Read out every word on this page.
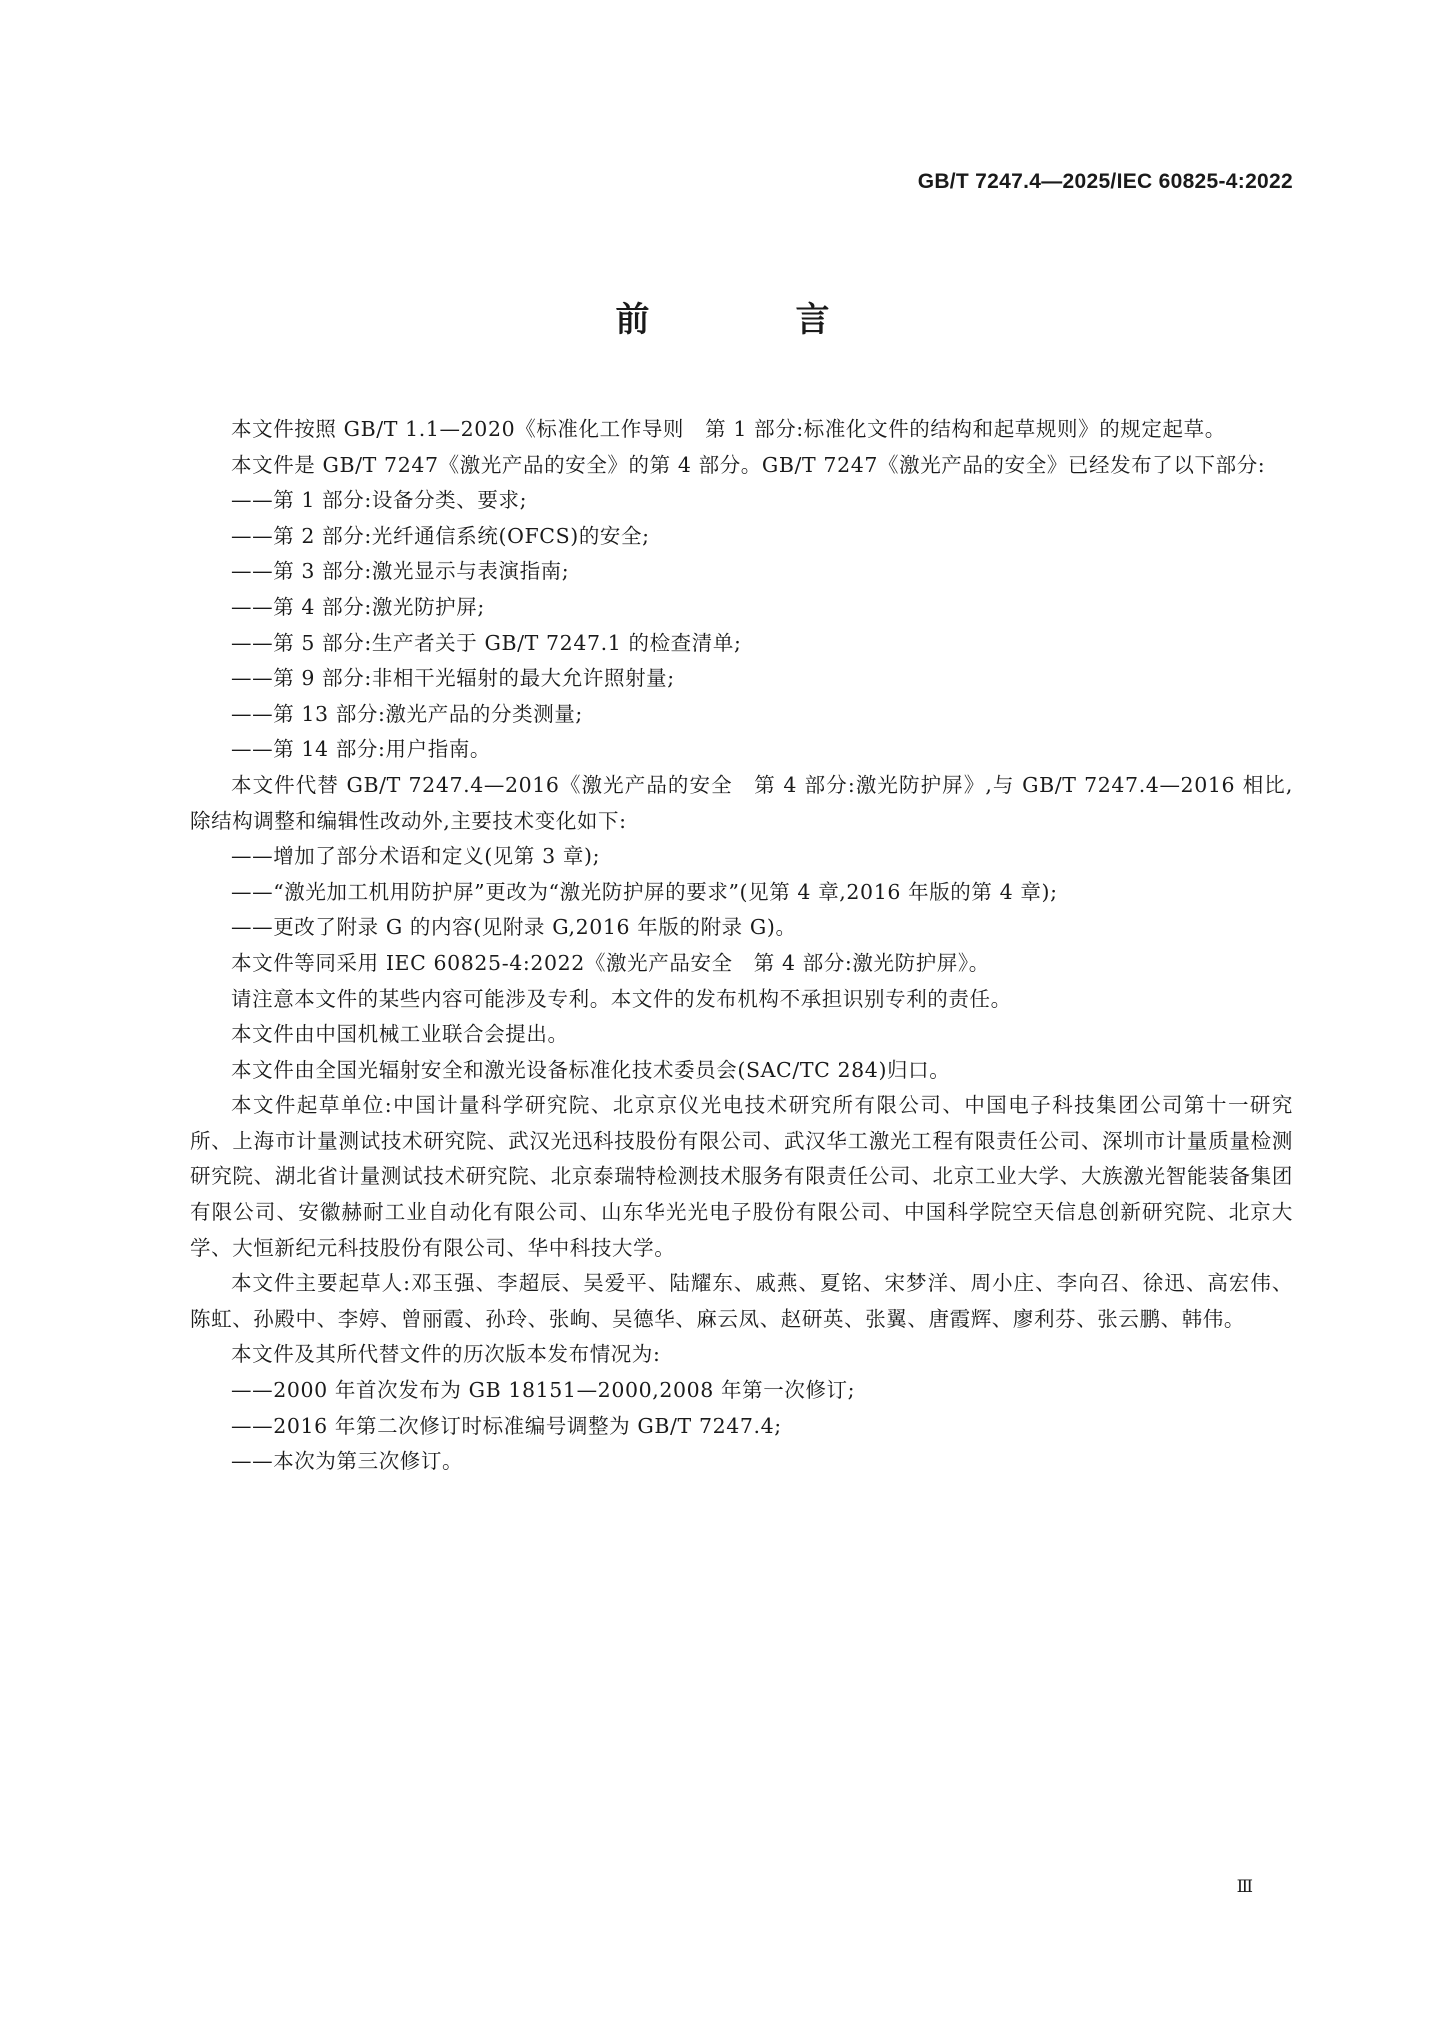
GB/T 7247.4—2025/IEC 60825-4:2022
前　言

本文件按照 GB/T 1.1—2020《标准化工作导则　第 1 部分:标准化文件的结构和起草规则》的规定起草。

本文件是 GB/T 7247《激光产品的安全》的第 4 部分。GB/T 7247《激光产品的安全》已经发布了以下部分:

——第 1 部分:设备分类、要求;

——第 2 部分:光纤通信系统(OFCS)的安全;

——第 3 部分:激光显示与表演指南;

——第 4 部分:激光防护屏;

——第 5 部分:生产者关于 GB/T 7247.1 的检查清单;

——第 9 部分:非相干光辐射的最大允许照射量;

——第 13 部分:激光产品的分类测量;

——第 14 部分:用户指南。

本文件代替 GB/T 7247.4—2016《激光产品的安全　第 4 部分:激光防护屏》,与 GB/T 7247.4—2016 相比,除结构调整和编辑性改动外,主要技术变化如下:

——增加了部分术语和定义(见第 3 章);

——“激光加工机用防护屏”更改为“激光防护屏的要求”(见第 4 章,2016 年版的第 4 章);

——更改了附录 G 的内容(见附录 G,2016 年版的附录 G)。

本文件等同采用 IEC 60825-4:2022《激光产品安全　第 4 部分:激光防护屏》。

请注意本文件的某些内容可能涉及专利。本文件的发布机构不承担识别专利的责任。

本文件由中国机械工业联合会提出。

本文件由全国光辐射安全和激光设备标准化技术委员会(SAC/TC 284)归口。

本文件起草单位:中国计量科学研究院、北京京仪光电技术研究所有限公司、中国电子科技集团公司第十一研究所、上海市计量测试技术研究院、武汉光迅科技股份有限公司、武汉华工激光工程有限责任公司、深圳市计量质量检测研究院、湖北省计量测试技术研究院、北京泰瑞特检测技术服务有限责任公司、北京工业大学、大族激光智能装备集团有限公司、安徽赫耐工业自动化有限公司、山东华光光电子股份有限公司、中国科学院空天信息创新研究院、北京大学、大恒新纪元科技股份有限公司、华中科技大学。

本文件主要起草人:邓玉强、李超辰、吴爱平、陆耀东、戚燕、夏铭、宋梦洋、周小庄、李向召、徐迅、高宏伟、陈虹、孙殿中、李婷、曾丽霞、孙玲、张峋、吴德华、麻云凤、赵研英、张翼、唐霞辉、廖利芬、张云鹏、韩伟。

本文件及其所代替文件的历次版本发布情况为:

——2000 年首次发布为 GB 18151—2000,2008 年第一次修订;

——2016 年第二次修订时标准编号调整为 GB/T 7247.4;

——本次为第三次修订。

Ⅲ
